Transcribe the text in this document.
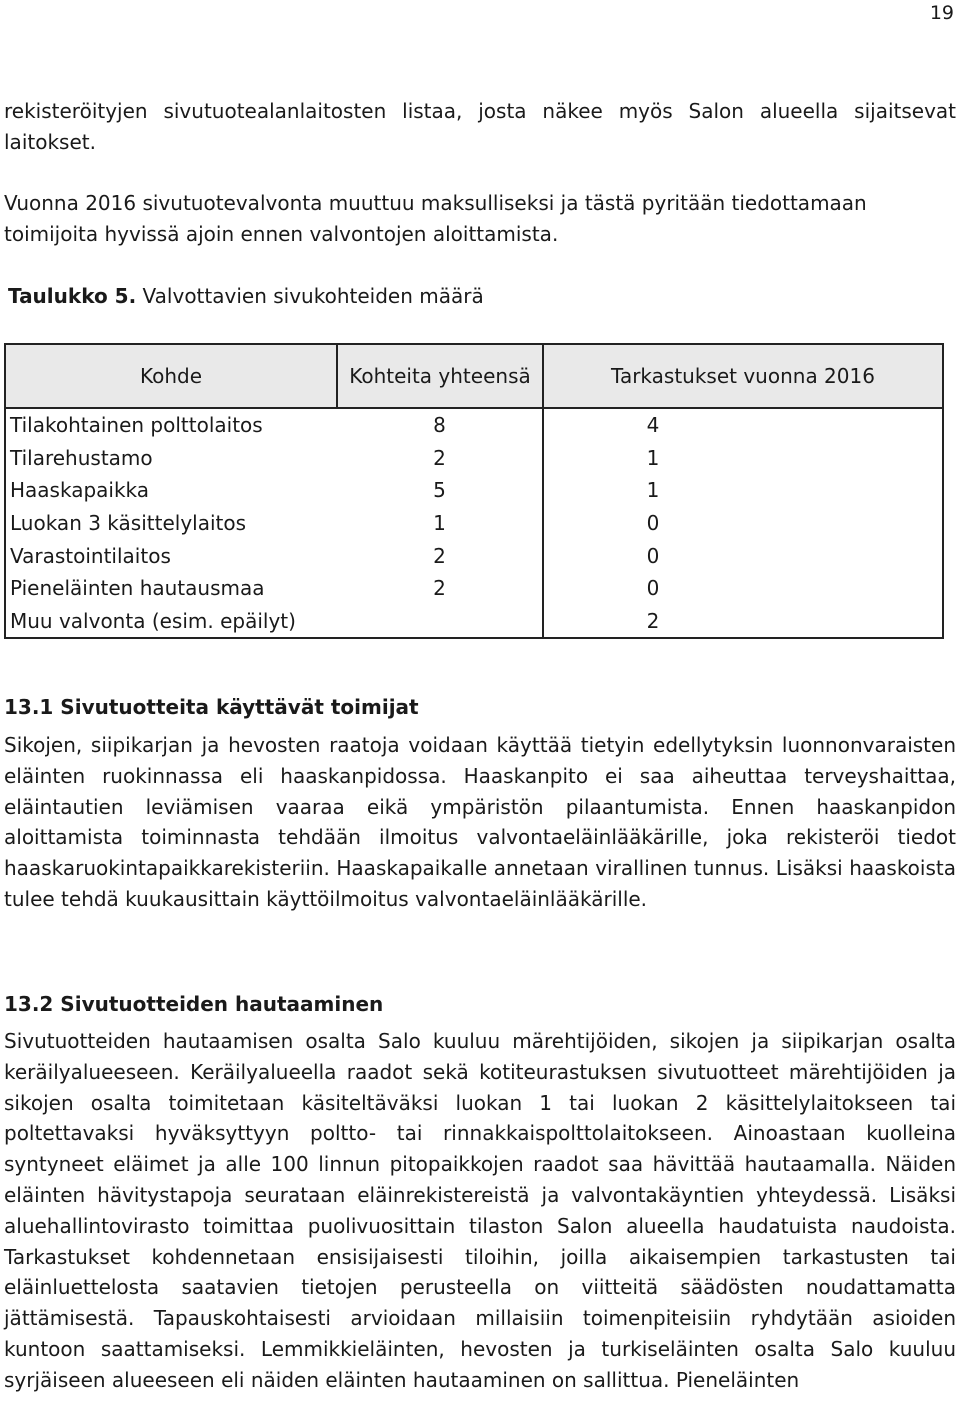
19

rekisteröityjen sivutuotealanlaitosten listaa, josta näkee myös Salon alueella sijaitsevat laitokset.

Vuonna 2016 sivutuotevalvonta muuttuu maksulliseksi ja tästä pyritään tiedottamaan toimijoita hyvissä ajoin ennen valvontojen aloittamista.

Taulukko 5. Valvottavien sivukohteiden määrä
Kohde	Kohteita yhteensä	Tarkastukset vuonna 2016
Tilakohtainen polttolaitos	8	4
Tilarehustamo	2	1
Haaskapaikka	5	1
Luokan 3 käsittelylaitos	1	0
Varastointilaitos	2	0
Pieneläinten hautausmaa	2	0
Muu valvonta (esim. epäilyt)		2
13.1 Sivutuotteita käyttävät toimijat

Sikojen, siipikarjan ja hevosten raatoja voidaan käyttää tietyin edellytyksin luonnonvaraisten eläinten ruokinnassa eli haaskanpidossa. Haaskanpito ei saa aiheuttaa terveyshaittaa, eläintautien leviämisen vaaraa eikä ympäristön pilaantumista. Ennen haaskanpidon aloittamista toiminnasta tehdään ilmoitus valvontaeläinlääkärille, joka rekisteröi tiedot haaskaruokintapaikkarekisteriin. Haaskapaikalle annetaan virallinen tunnus. Lisäksi haaskoista tulee tehdä kuukausittain käyttöilmoitus valvontaeläinlääkärille.

13.2 Sivutuotteiden hautaaminen

Sivutuotteiden hautaamisen osalta Salo kuuluu märehtijöiden, sikojen ja siipikarjan osalta keräilyalueeseen. Keräilyalueella raadot sekä kotiteurastuksen sivutuotteet märehtijöiden ja sikojen osalta toimitetaan käsiteltäväksi luokan 1 tai luokan 2 käsittelylaitokseen tai poltettavaksi hyväksyttyyn poltto- tai rinnakkaispolttolaitokseen. Ainoastaan kuolleina syntyneet eläimet ja alle 100 linnun pitopaikkojen raadot saa hävittää hautaamalla. Näiden eläinten hävitystapoja seurataan eläinrekistereistä ja valvontakäyntien yhteydessä. Lisäksi aluehallintovirasto toimittaa puolivuosittain tilaston Salon alueella haudatuista naudoista. Tarkastukset kohdennetaan ensisijaisesti tiloihin, joilla aikaisempien tarkastusten tai eläinluettelosta saatavien tietojen perusteella on viitteitä säädösten noudattamatta jättämisestä. Tapauskohtaisesti arvioidaan millaisiin toimenpiteisiin ryhdytään asioiden kuntoon saattamiseksi. Lemmikkieläinten, hevosten ja turkiseläinten osalta Salo kuuluu syrjäiseen alueeseen eli näiden eläinten hautaaminen on sallittua. Pieneläinten
